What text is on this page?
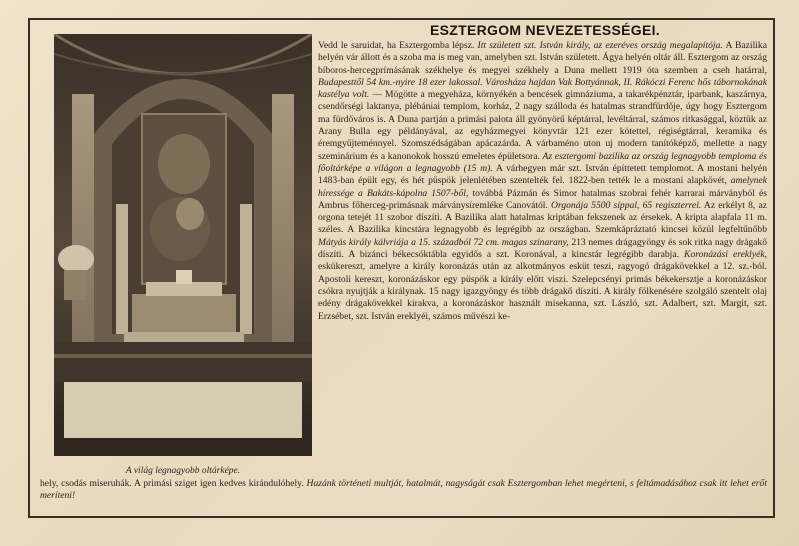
A világ legnagyobb oltárképe.
ESZTERGOM NEVEZETESSÉGEI.

Vedd le saruidat, ha Esztergomba lépsz. Itt született szt. István király, az ezeréves ország megalapítója. A Bazilika helyén vár állott és a szoba ma is meg van, amelyben szt. István született. Ágya helyén oltár áll. Esztergom az ország bíboros-hercegprímásának székhelye és megyei székhely a Duna mellett 1919 óta szemben a cseh határral, Budapesttől 54 km.-nyire 18 ezer lakossal. Városháza hajdan Vak Bottyánnak, II. Rákóczi Ferenc hős tábornokának kastélya volt. — Mögötte a megyeháza, környékén a bencések gimnáziuma, a takarékpénztár, iparbank, kaszárnya, csendőrségi laktanya, plébániai templom, korház, 2 nagy szálloda és hatalmas strandfürdője, úgy hogy Esztergom ma fürdőváros is. A Duna partján a primási palota áll gyönyörű képtárral, levéltárral, számos ritkasággal, köztük az Arany Bulla egy példányával, az egyházmegyei könyvtár 121 ezer kötettel, régiségtárral, keramika és éremgyűjteménnyel. Szomszédságában apácazárda. A várbaméno uton uj modern tanítóképző, mellette a nagy szeminárium és a kanonokok hosszú emeletes épületsora. Az esztergomi bazilika az ország legnagyobb temploma és főoltárképe a világon a legnagyobb (15 m). A várhegyen már szt. István építtetett templomot. A mostani helyén 1483-ban épült egy, és hét püspök jelenlétében szentelték fel. 1822-ben tették le a mostani alapkövét, amelynek híressége a Bakáts-kápolna 1507-ből, továbbá Pázmán és Simor hatalmas szobrai fehér karrarai márványból és Ambrus főherceg-primásnak márványsíremléke Canovától. Orgonája 5500 síppal, 65 regiszterrel. Az erkélyt 8, az orgona tetejét 11 szobor díszíti. A Bazilika alatt hatalmas kriptában fekszenek az érsekek. A kripta alapfala 11 m. széles. A Bazilika kincstára legnagyobb és legrégibb az országban. Szemkápráztató kincsei közül legfeltűnőbb Mátyás király kálvriája a 15. századból 72 cm. magas színarany, 213 nemes drágagyöngy és sok ritka nagy drágakő díszíti. A bizánci békecsóktábla egyidős a szt. Koronával, a kincstár legrégibb darabja. Koronázási ereklyék, eskükereszt, amelyre a király koronázás után az alkotmányos esküt teszi, ragyogó drágakövekkel a 12. sz.-ból. Apostoli kereszt, koronázáskor egy püspök a király előtt viszi. Szelepcsényi primás békekersztje a koronázáskor csókra nyujtják a királynak. 15 nagy igazgyöngy és több drágakő díszíti. A király fölkenésére szolgáló szentelt olaj edény drágakövekkel kirakva, a koronázáskor használt misekanna, szt. László, szt. Adalbert, szt. Margit, szt. Erzsébet, szt. István ereklyéi, számos művészi ke-

hely, csodás miseruhák. A primási sziget igen kedves kirándulóhely. Hazánk történeti multját, hatalmát, nagyságát csak Esztergomban lehet megérteni, s feltámadásához csak itt lehet erőt meríteni!
